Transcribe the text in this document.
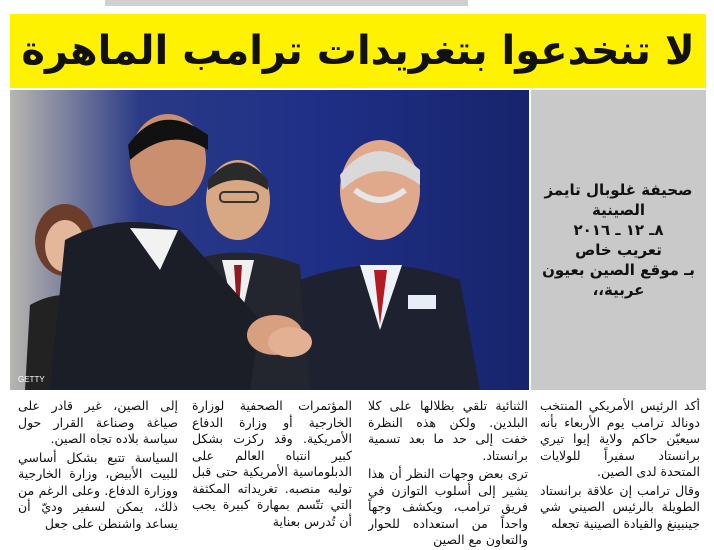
لا تنخدعوا بتغريدات ترامب الماهرة
GETTY
صحيفة غلوبال تايمز
الصينية
٨ـ ١٢ ـ ٢٠١٦
تعريب خاص
بـ موقع الصين بعيون
عربية،،

أكد الرئيس الأمريكي المنتخب دونالد ترامب يوم الأربعاء بأنه سيعيّن حاكم ولاية إيوا تيري برانستاد سفيراً للولايات المتحدة لدى الصين.

وقال ترامب إن علاقة برانستاد الطويلة بالرئيس الصيني شي جينبينغ والقيادة الصينية تجعله

الثنائية تلقي بظلالها على كلا البلدين. ولكن هذه النظرة خفت إلى حد ما بعد تسمية برانستاد.

ترى بعض وجهات النظر أن هذا يشير إلى أسلوب التوازن في فريق ترامب، ويكشف وجهاً واحداً من استعداده للحوار والتعاون مع الصين

المؤتمرات الصحفية لوزارة الخارجية أو وزارة الدفاع الأمريكية. وقد ركزت بشكل كبير انتباه العالم على الدبلوماسية الأمريكية حتى قبل توليه منصبه. تغريداته المكثفة التي تتّسم بمهارة كبيرة يجب أن تُدرس بعناية

إلى الصين، غير قادر على صياغة وصناعة القرار حول سياسة بلاده تجاه الصين.

السياسة تتبع بشكل أساسي للبيت الأبيض، وزارة الخارجية ووزارة الدفاع. وعلى الرغم من ذلك، يمكن لسفير وديّ أن يساعد واشنطن على جعل
